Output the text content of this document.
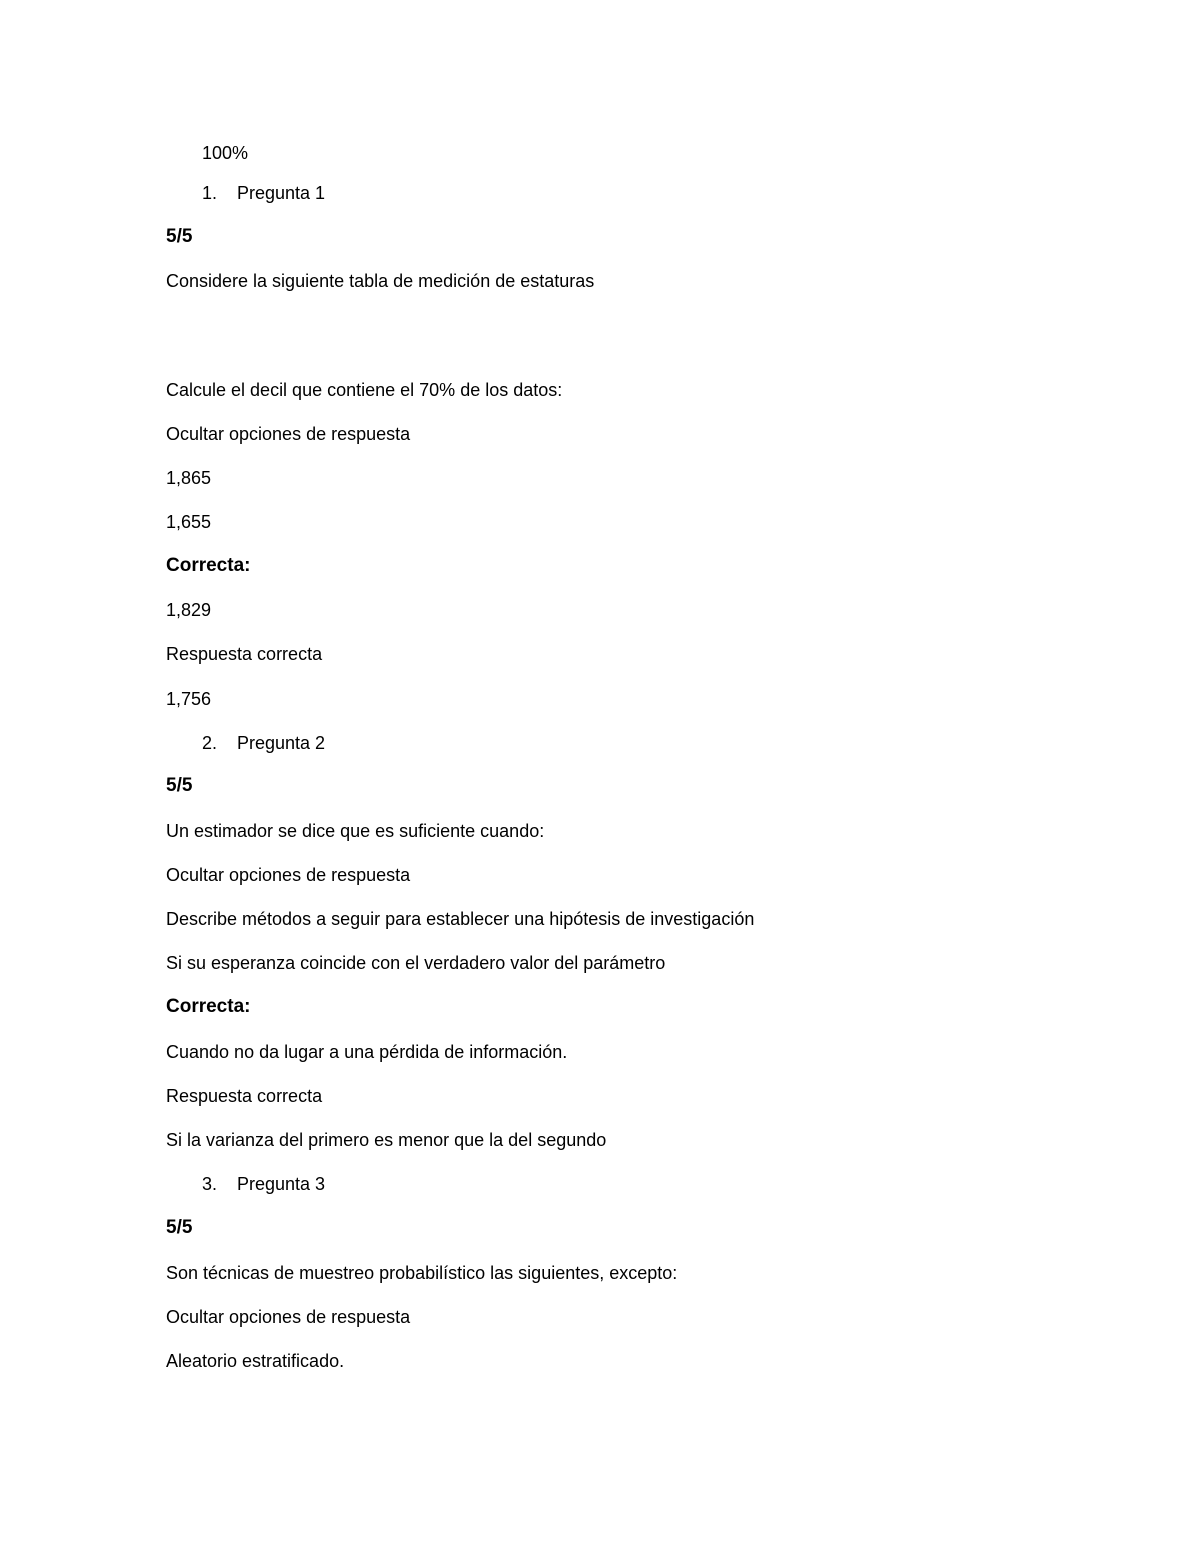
100%
1. Pregunta 1
5/5
Considere la siguiente tabla de medición de estaturas
Calcule el decil que contiene el 70% de los datos:
Ocultar opciones de respuesta
1,865
1,655
Correcta:
1,829
Respuesta correcta
1,756
2. Pregunta 2
5/5
Un estimador se dice que es suficiente cuando:
Ocultar opciones de respuesta
Describe métodos a seguir para establecer una hipótesis de investigación
Si su esperanza coincide con el verdadero valor del parámetro
Correcta:
Cuando no da lugar a una pérdida de información.
Respuesta correcta
Si la varianza del primero es menor que la del segundo
3. Pregunta 3
5/5
Son técnicas de muestreo probabilístico las siguientes, excepto:
Ocultar opciones de respuesta
Aleatorio estratificado.
